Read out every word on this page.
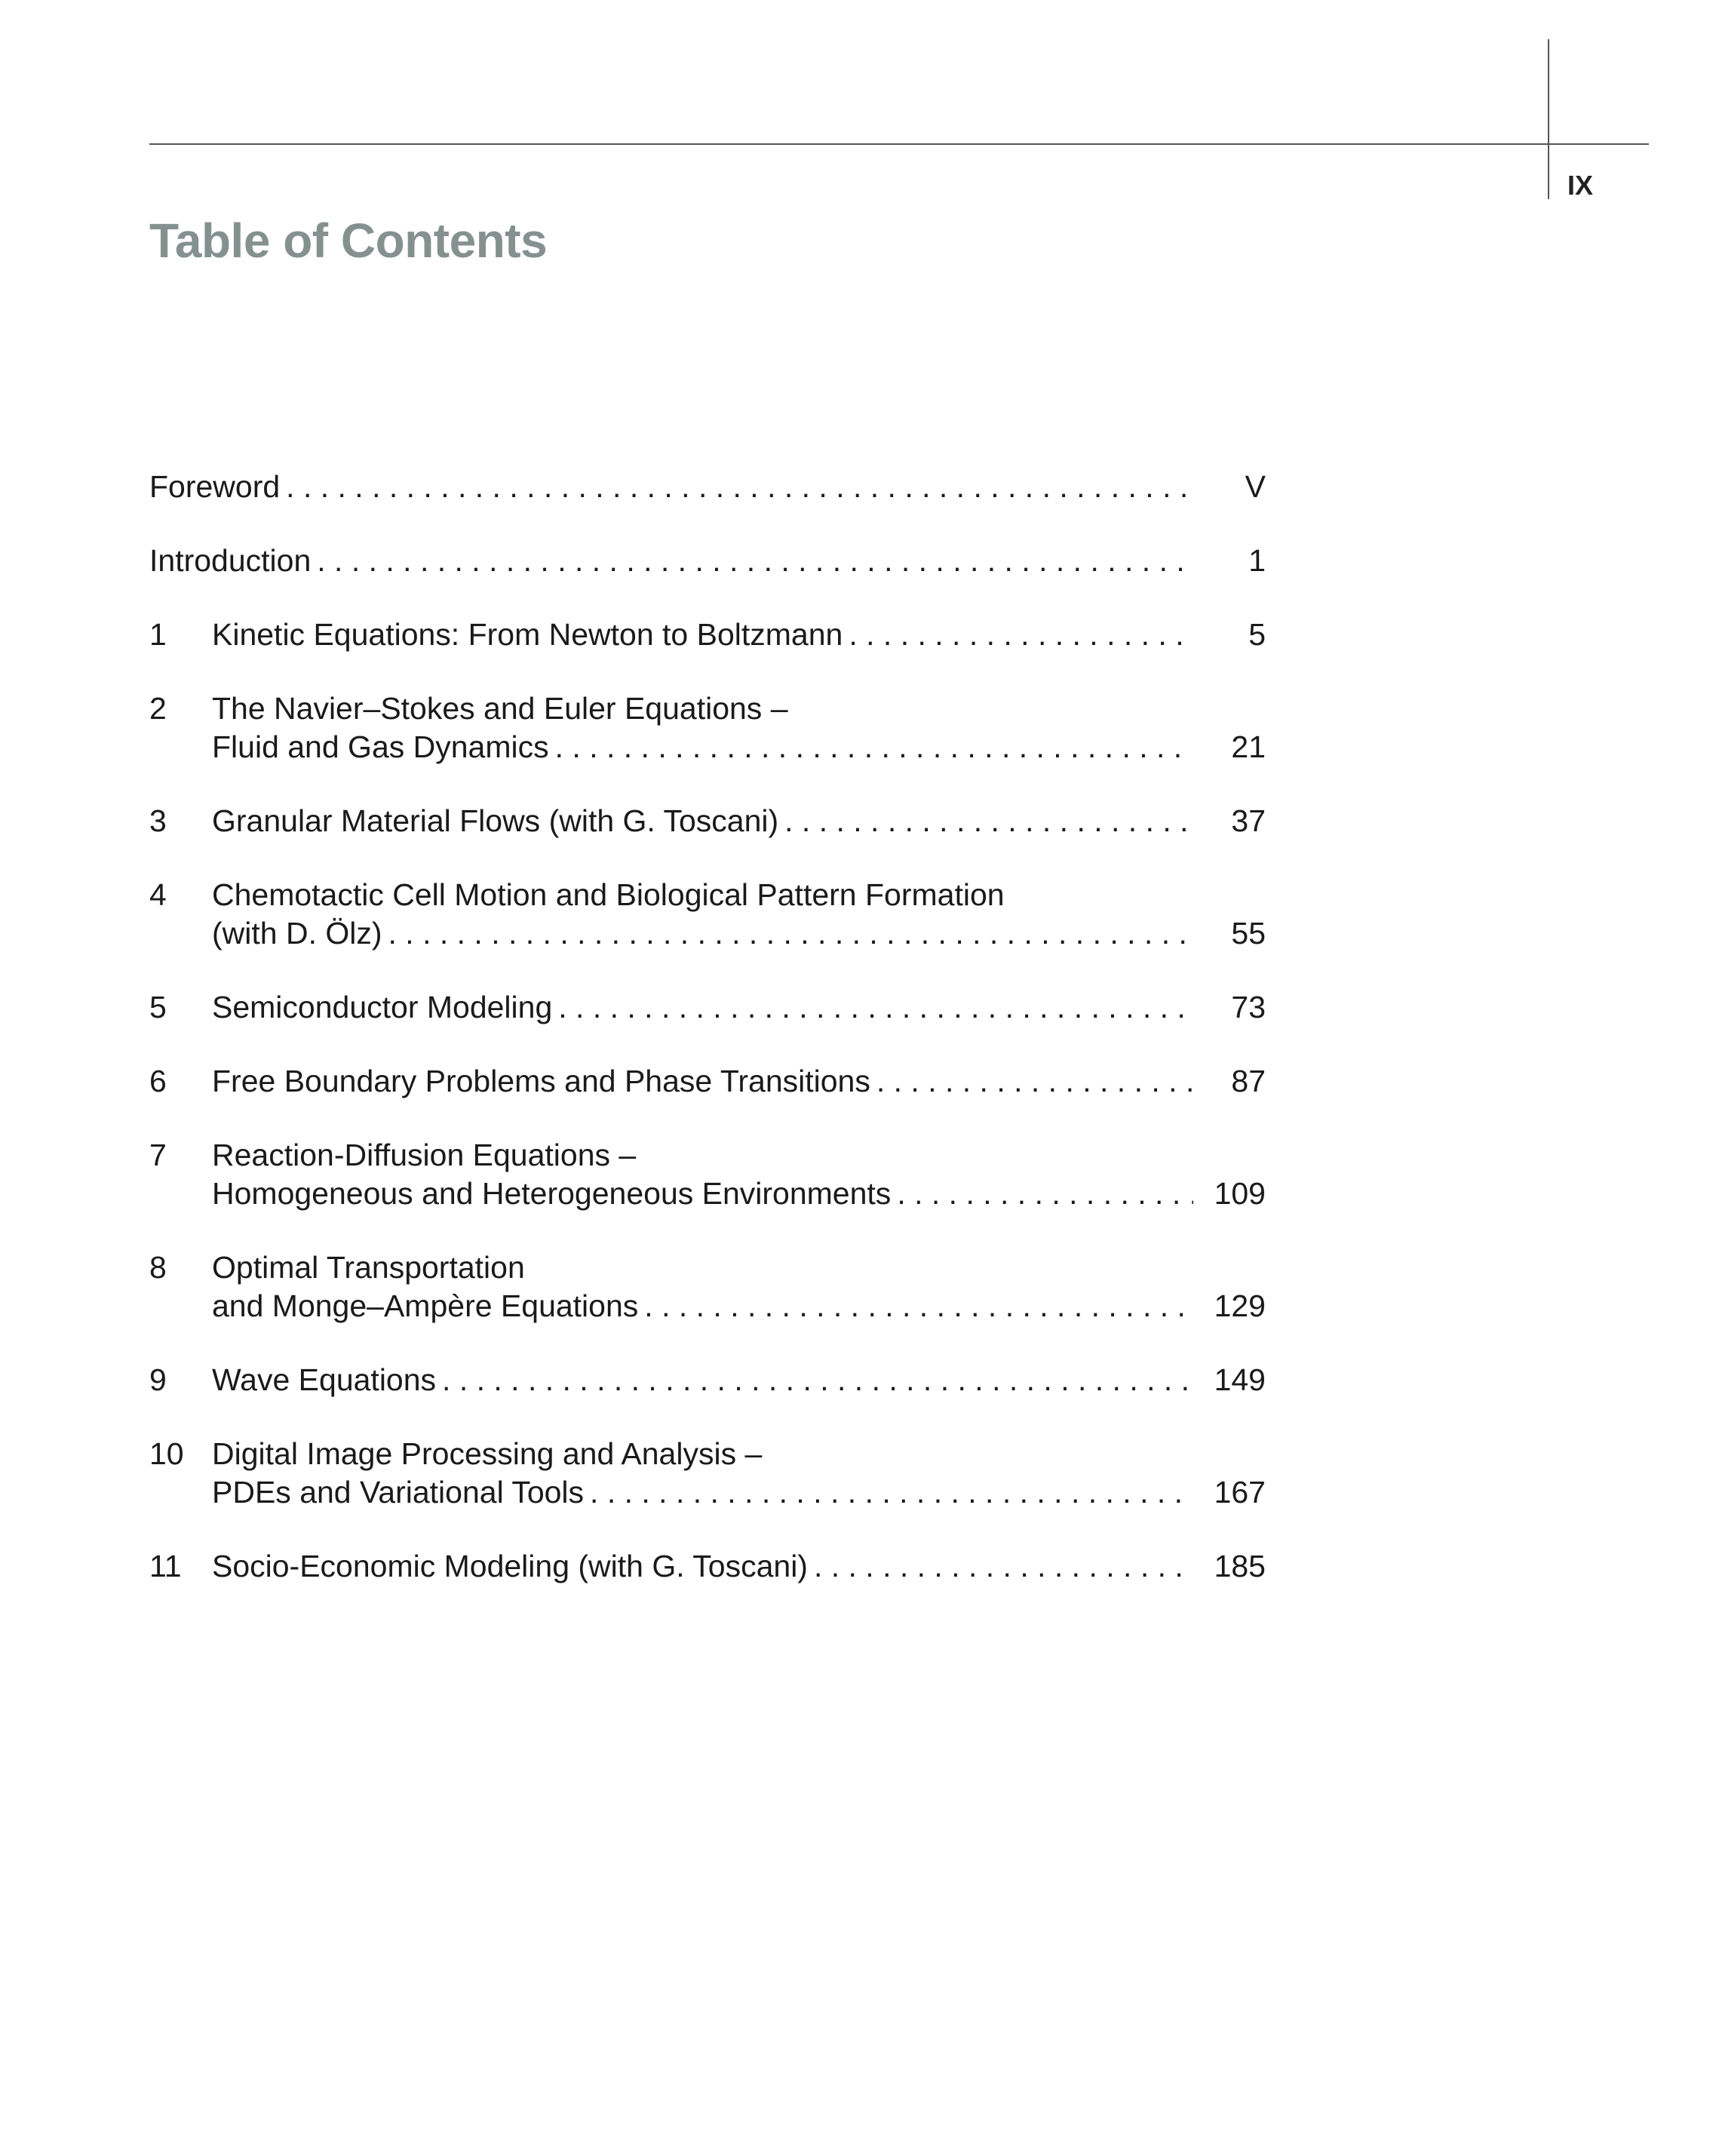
IX
Table of Contents
Foreword . . .	V
Introduction . . .	1
1	Kinetic Equations: From Newton to Boltzmann . . .	5
2	The Navier–Stokes and Euler Equations –
Fluid and Gas Dynamics . . .	21
3	Granular Material Flows (with G. Toscani) . . .	37
4	Chemotactic Cell Motion and Biological Pattern Formation
(with D. Ölz) . . .	55
5	Semiconductor Modeling . . .	73
6	Free Boundary Problems and Phase Transitions . . .	87
7	Reaction-Diffusion Equations –
Homogeneous and Heterogeneous Environments . . .	109
8	Optimal Transportation
and Monge–Ampère Equations . . .	129
9	Wave Equations . . .	149
10 Digital Image Processing and Analysis –
PDEs and Variational Tools . . .	167
11 Socio-Economic Modeling (with G. Toscani) . . .	185
